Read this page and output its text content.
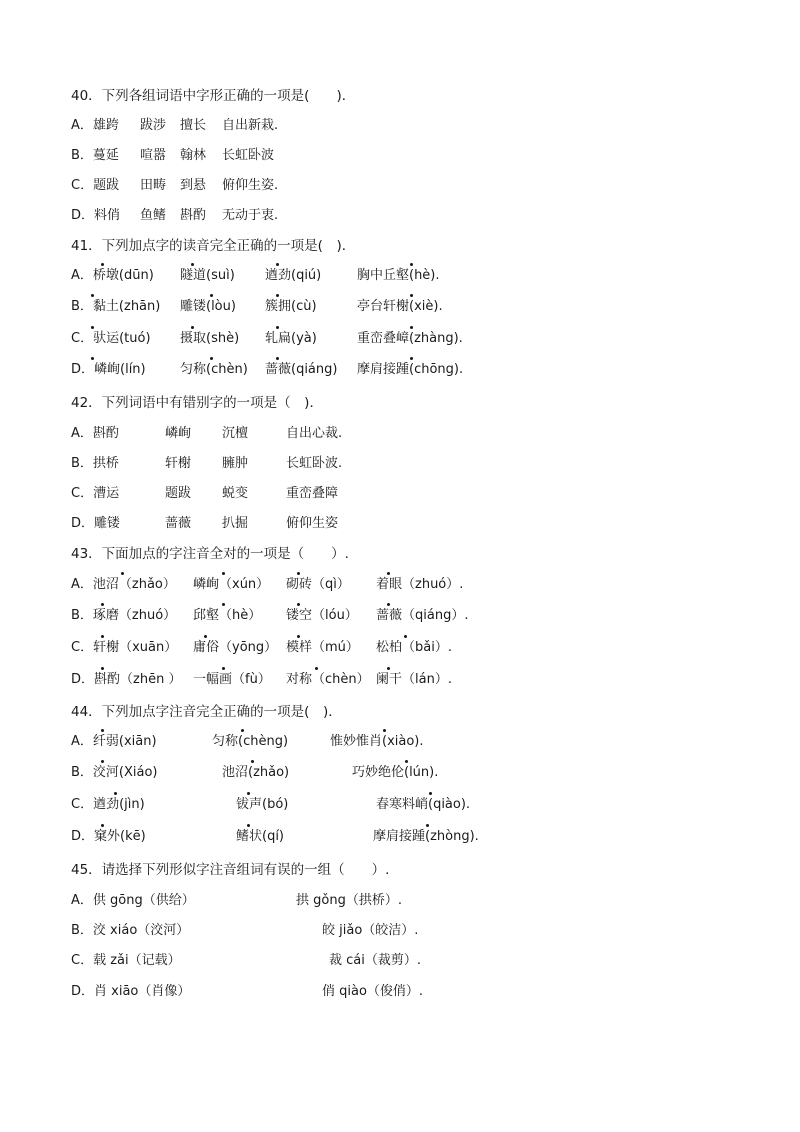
40．下列各组词语中字形正确的一项是(　　)．
A．雄跨 跋涉 擅长 自出新栽.
B．蔓延 喧嚣 翰林 长虹卧波
C．题跋 田畴 到悬 俯仰生姿.
D．料俏 鱼鳍 斟酌 无动于衷.
41．下列加点字的读音完全正确的一项是(　)．
A．桥墩(dūn) 隧道(suì) 遒劲(qiú)	胸中丘壑(hè).
B．黏土(zhān) 雕镂(lòu) 簇拥(cù)	亭台轩榭(xiè).
C．驮运(tuó) 摄取(shè) 轧扁(yà)	重峦叠嶂(zhàng).
D．嶙峋(lín)	匀称(chèn) 蔷薇(qiáng) 摩肩接踵(chōng).
42．下列词语中有错别字的一项是（　)．
A．斟酌	嶙峋 沉檀	自出心裁.
B．拱桥	轩榭 臃肿	长虹卧波.
C．漕运	题跋 蜕变	重峦叠障
D．雕镂	蔷薇 扒掘	俯仰生姿
43．下面加点的字注音全对的一项是（　　）.
A．池沼（zhǎo） 嶙峋（xún） 砌砖（qì） 着眼（zhuó）.
B．琢磨（zhuó） 邱壑（hè） 镂空（lóu） 蔷薇（qiáng）.
C．轩榭（xuān） 庸俗（yōng） 模样（mú） 松柏（bǎi）.
D．斟酌（zhēn ） 一幅画（fù） 对称（chèn） 阑干（lán）.
44．下列加点字注音完全正确的一项是(　)．
A．纤弱(xiān)	匀称(chèng)	惟妙惟肖(xiào).
B．洨河(Xiáo)	池沼(zhǎo)	巧妙绝伦(lún).
C．遒劲(jìn)	钹声(bó)	春寒料峭(qiào).
D．窠外(kē)	鳍状(qí)	摩肩接踵(zhòng).
45．请选择下列形似字注音组词有误的一组（　　）.
A．供 gōng（供给）	拱 gǒng（拱桥）.
B．洨 xiáo（洨河）	皎 jiǎo（皎洁）.
C．载 zǎi（记载）	裁 cái（裁剪）.
D．肖 xiāo（肖像）	俏 qiào（俊俏）.
